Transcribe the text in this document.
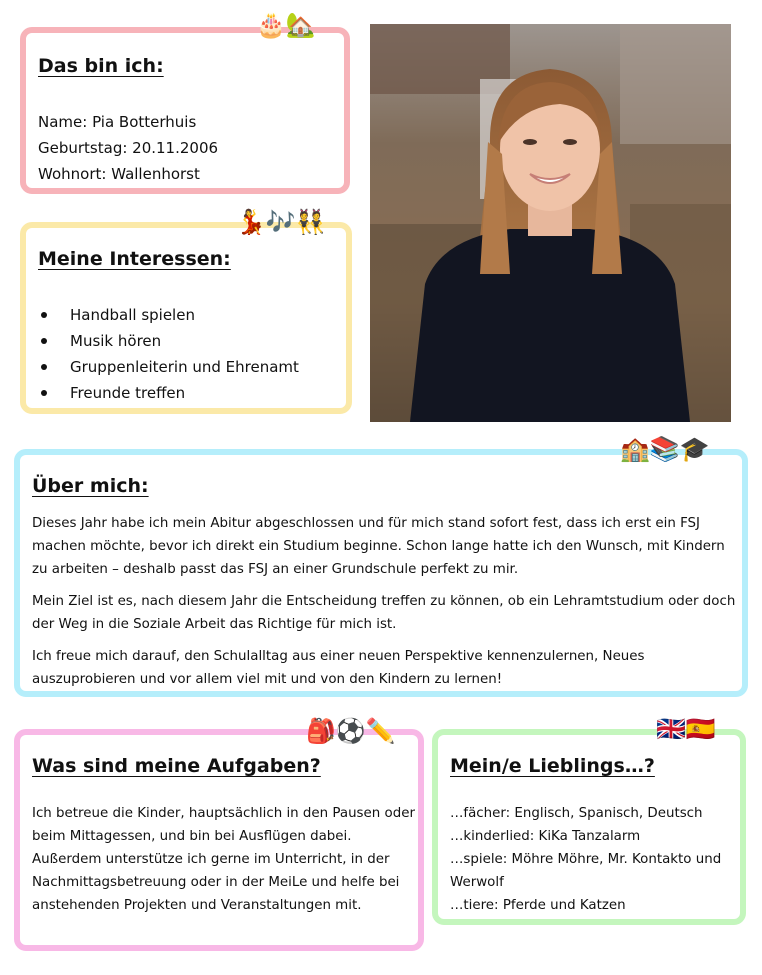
Das bin ich:
Name: Pia Botterhuis
Geburtstag: 20.11.2006
Wohnort: Wallenhorst
🎂🏡
Meine Interessen:
Handball spielen
Musik hören
Gruppenleiterin und Ehrenamt
Freunde treffen
💃🎶👯
Über mich:

Dieses Jahr habe ich mein Abitur abgeschlossen und für mich stand sofort fest, dass ich erst ein FSJ machen möchte, bevor ich direkt ein Studium beginne. Schon lange hatte ich den Wunsch, mit Kindern zu arbeiten – deshalb passt das FSJ an einer Grundschule perfekt zu mir.

Mein Ziel ist es, nach diesem Jahr die Entscheidung treffen zu können, ob ein Lehramtstudium oder doch der Weg in die Soziale Arbeit das Richtige für mich ist.

Ich freue mich darauf, den Schulalltag aus einer neuen Perspektive kennenzulernen, Neues auszuprobieren und vor allem viel mit und von den Kindern zu lernen!

🏫📚🎓
Was sind meine Aufgaben?

Ich betreue die Kinder, hauptsächlich in den Pausen oder beim Mittagessen, und bin bei Ausflügen dabei. Außerdem unterstütze ich gerne im Unterricht, in der Nachmittagsbetreuung oder in der MeiLe und helfe bei anstehenden Projekten und Veranstaltungen mit.

🎒⚽✏️
Mein/e Lieblings…?
…fächer: Englisch, Spanisch, Deutsch
…kinderlied: KiKa Tanzalarm
…spiele: Möhre Möhre, Mr. Kontakto und Werwolf
…tiere: Pferde und Katzen
🇬🇧🇪🇸
